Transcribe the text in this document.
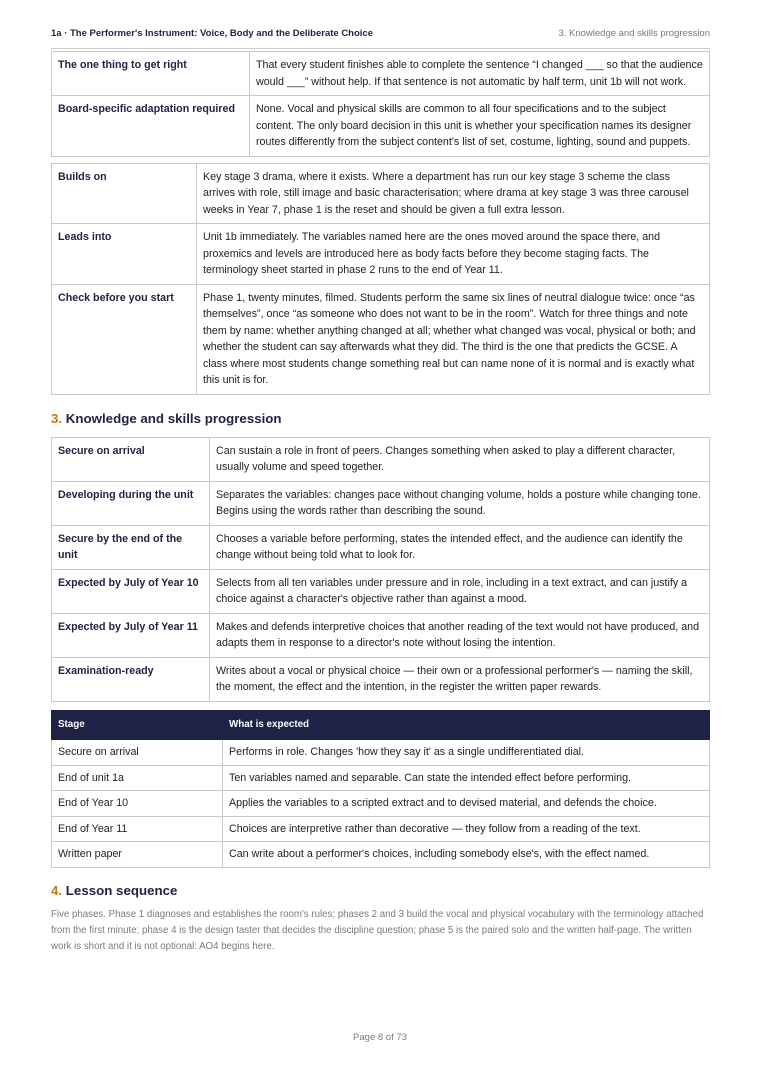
1a · The Performer's Instrument: Voice, Body and the Deliberate Choice	3. Knowledge and skills progression
The one thing to get right	That every student finishes able to complete the sentence “I changed ___ so that the audience would ___” without help. If that sentence is not automatic by half term, unit 1b will not work.
Board-specific adaptation required	None. Vocal and physical skills are common to all four specifications and to the subject content. The only board decision in this unit is whether your specification names its designer routes differently from the subject content's list of set, costume, lighting, sound and puppets.
Builds on	Key stage 3 drama, where it exists. Where a department has run our key stage 3 scheme the class arrives with role, still image and basic characterisation; where drama at key stage 3 was three carousel weeks in Year 7, phase 1 is the reset and should be given a full extra lesson.
Leads into	Unit 1b immediately. The variables named here are the ones moved around the space there, and proxemics and levels are introduced here as body facts before they become staging facts. The terminology sheet started in phase 2 runs to the end of Year 11.
Check before you start	Phase 1, twenty minutes, filmed. Students perform the same six lines of neutral dialogue twice: once “as themselves”, once “as someone who does not want to be in the room”. Watch for three things and note them by name: whether anything changed at all; whether what changed was vocal, physical or both; and whether the student can say afterwards what they did. The third is the one that predicts the GCSE. A class where most students change something real but can name none of it is normal and is exactly what this unit is for.
3. Knowledge and skills progression
Secure on arrival	Can sustain a role in front of peers. Changes something when asked to play a different character, usually volume and speed together.
Developing during the unit	Separates the variables: changes pace without changing volume, holds a posture while changing tone. Begins using the words rather than describing the sound.
Secure by the end of the unit	Chooses a variable before performing, states the intended effect, and the audience can identify the change without being told what to look for.
Expected by July of Year 10	Selects from all ten variables under pressure and in role, including in a text extract, and can justify a choice against a character's objective rather than against a mood.
Expected by July of Year 11	Makes and defends interpretive choices that another reading of the text would not have produced, and adapts them in response to a director's note without losing the intention.
Examination-ready	Writes about a vocal or physical choice — their own or a professional performer's — naming the skill, the moment, the effect and the intention, in the register the written paper rewards.
Stage	What is expected
Secure on arrival	Performs in role. Changes 'how they say it' as a single undifferentiated dial.
End of unit 1a	Ten variables named and separable. Can state the intended effect before performing.
End of Year 10	Applies the variables to a scripted extract and to devised material, and defends the choice.
End of Year 11	Choices are interpretive rather than decorative — they follow from a reading of the text.
Written paper	Can write about a performer's choices, including somebody else's, with the effect named.
4. Lesson sequence

Five phases. Phase 1 diagnoses and establishes the room's rules; phases 2 and 3 build the vocal and physical vocabulary with the terminology attached from the first minute; phase 4 is the design taster that decides the discipline question; phase 5 is the paired solo and the written half-page. The written work is short and it is not optional: AO4 begins here.

Page 8 of 73
